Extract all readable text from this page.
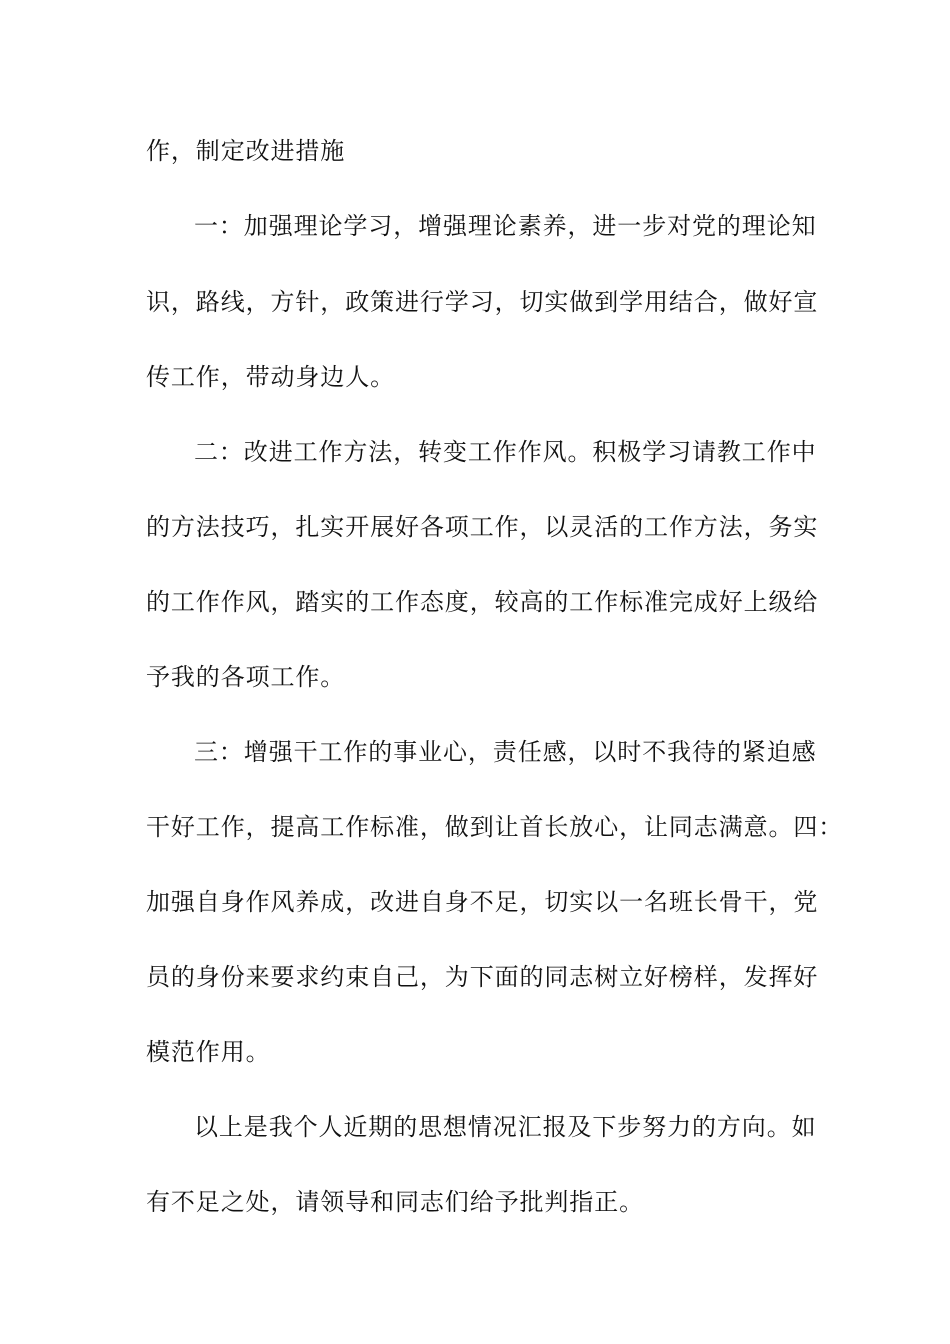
作，制定改进措施
一：加强理论学习，增强理论素养，进一步对党的理论知
识，路线，方针，政策进行学习，切实做到学用结合，做好宣
传工作，带动身边人。
二：改进工作方法，转变工作作风。积极学习请教工作中
的方法技巧，扎实开展好各项工作，以灵活的工作方法，务实
的工作作风，踏实的工作态度，较高的工作标准完成好上级给
予我的各项工作。
三：增强干工作的事业心，责任感，以时不我待的紧迫感
干好工作，提高工作标准，做到让首长放心，让同志满意。四：
加强自身作风养成，改进自身不足，切实以一名班长骨干，党
员的身份来要求约束自己，为下面的同志树立好榜样，发挥好
模范作用。
以上是我个人近期的思想情况汇报及下步努力的方向。如
有不足之处，请领导和同志们给予批判指正。
